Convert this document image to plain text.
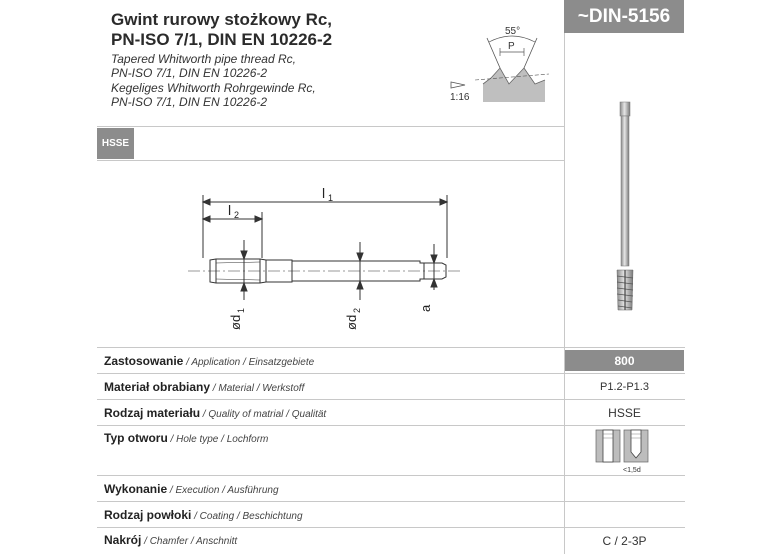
Gwint rurowy stożkowy Rc,
PN-ISO 7/1, DIN EN 10226-2
Tapered Whitworth pipe thread Rc,
PN-ISO 7/1, DIN EN 10226-2
Kegeliges Whitworth Rohrgewinde Rc,
PN-ISO 7/1, DIN EN 10226-2
55°
P
1:16
~DIN-5156
HSSE
l 1
l 2
ød
1
ød
2	a
Zastosowanie / Application / Einsatzgebiete	800
Materiał obrabiany / Material / Werkstoff	P1.2-P1.3
Rodzaj materiału / Quality of matrial / Qualität	HSSE
Typ otworu / Hole type / Lochform
<1,5d
Wykonanie / Execution / Ausführung
Rodzaj powłoki / Coating / Beschichtung
Nakrój / Chamfer / Anschnitt	C / 2-3P
